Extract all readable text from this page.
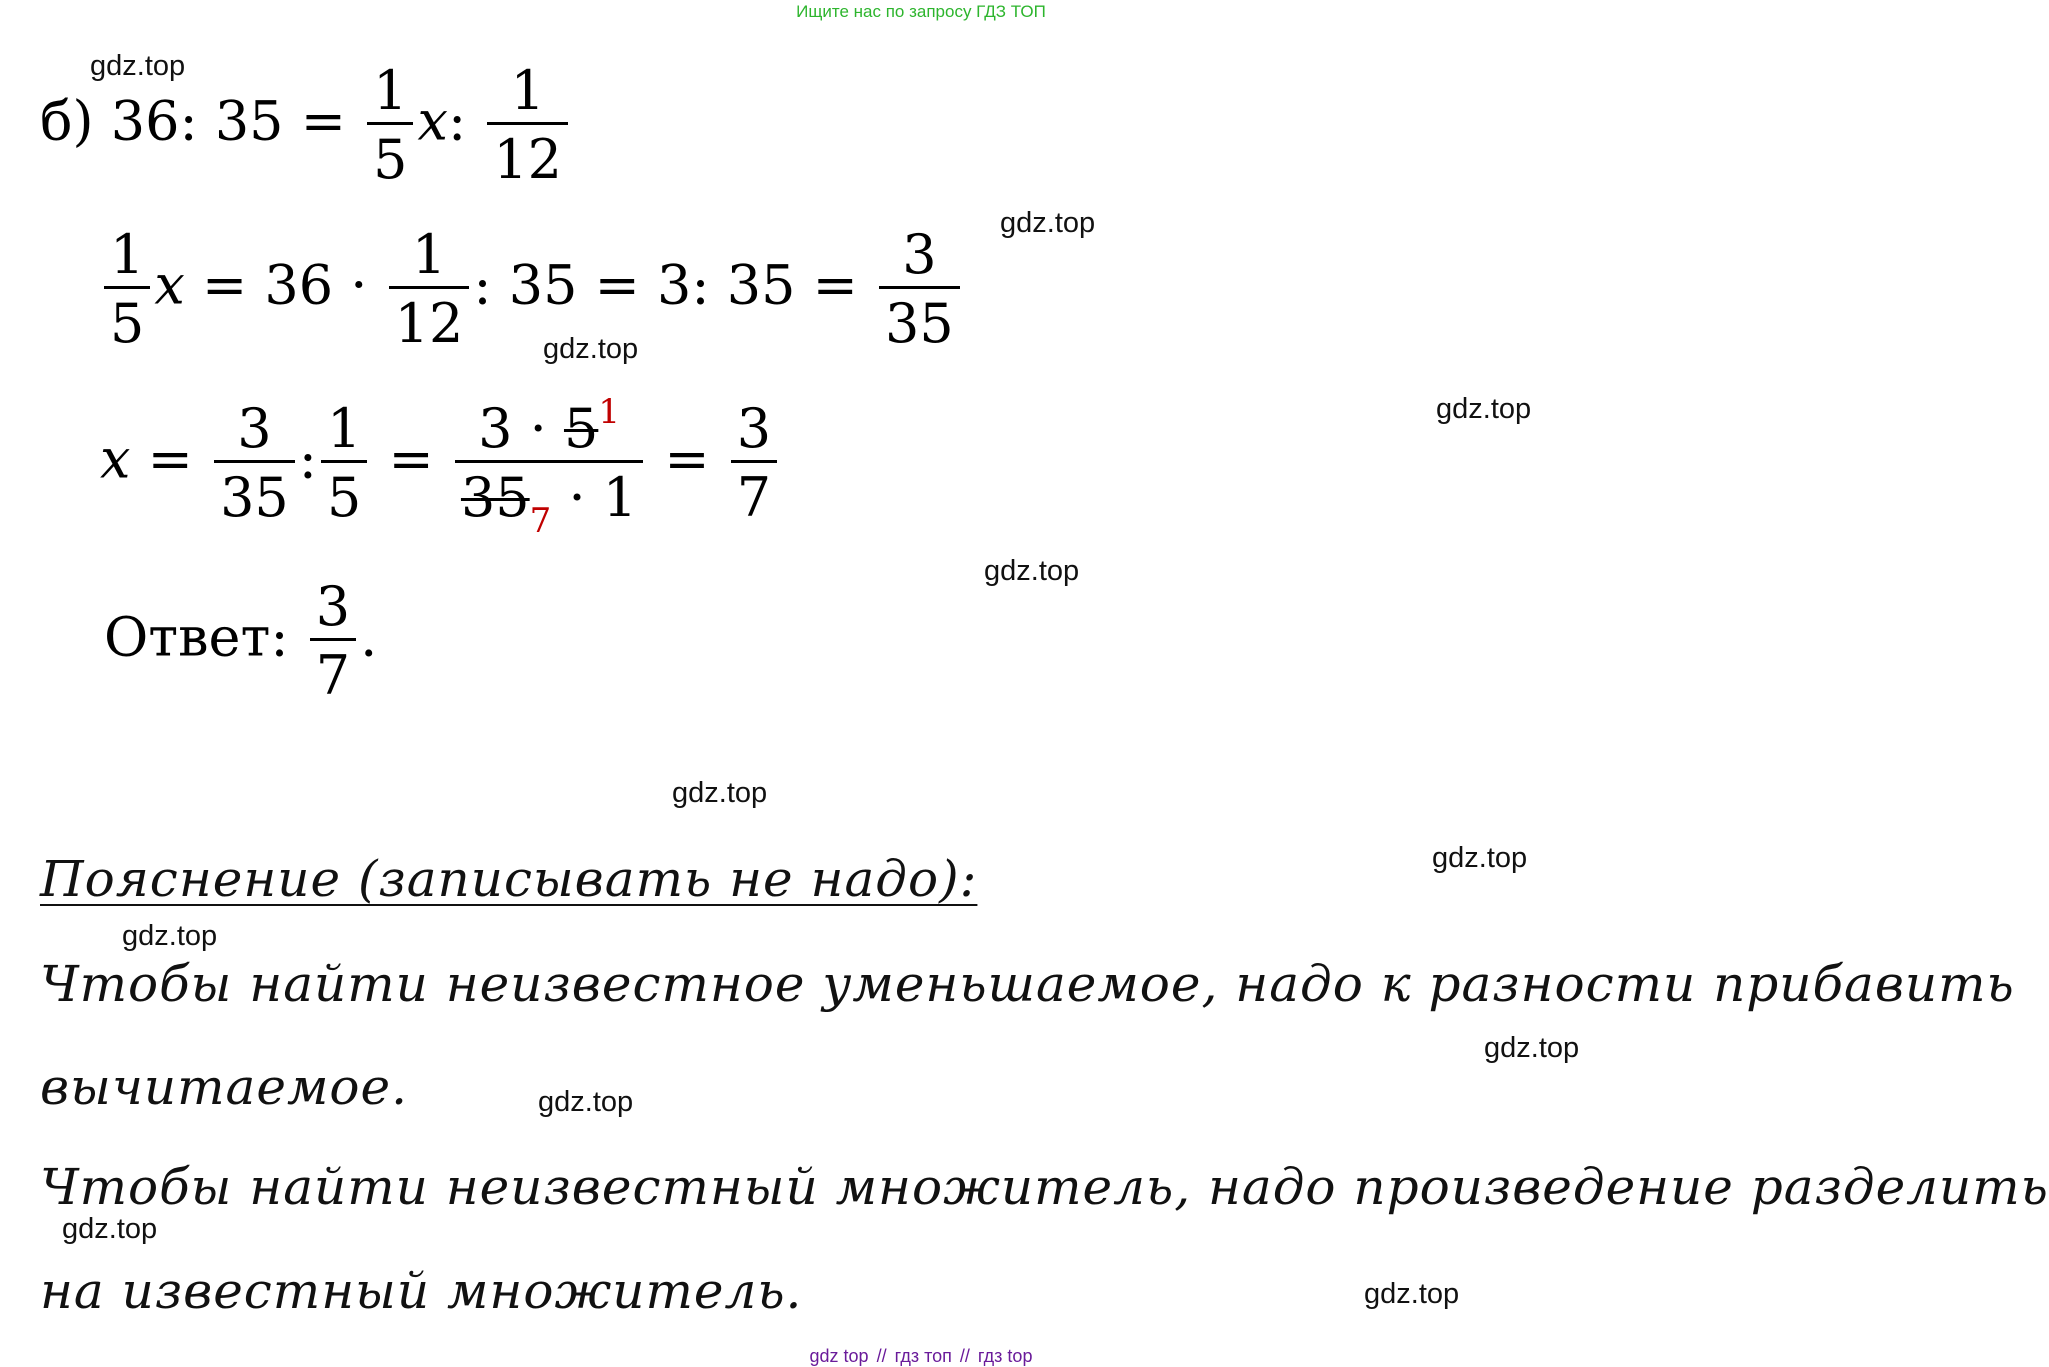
Ищите нас по запросу ГДЗ ТОП
gdz.top
gdz.top
gdz.top
gdz.top
gdz.top
gdz.top
gdz.top
gdz.top
gdz.top
gdz.top
gdz.top
gdz.top
б) 36: $35 = \frac{1}{5} x$: $\frac{1}{12}$
$\frac{1}{5}$ $x = 36 \cdot \frac{1}{12}$ : 35 = 3: $35 = \frac{3}{35}$
$x = \frac{3}{35}$ : $\frac{1}{5} = \frac{3 \cdot 5^1}{35_7 \cdot 1} = \frac{3}{7}$
Ответ: $\frac{3}{7}$ .
Пояснение (записывать не надо):
Чтобы найти неизвестное уменьшаемое, надо к разности прибавить
вычитаемое.
Чтобы найти неизвестный множитель, надо произведение разделить
на известный множитель.
gdz top // гдз топ // гдз top
